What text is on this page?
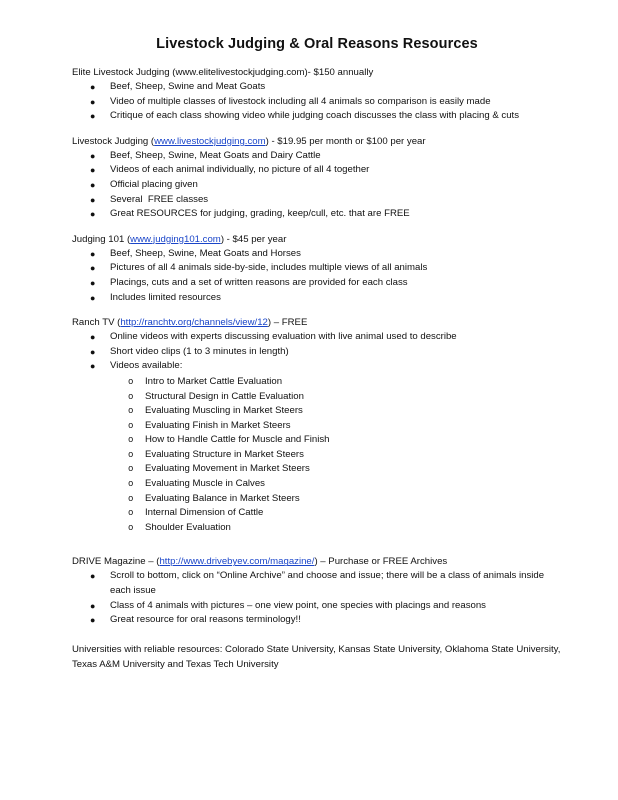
Livestock Judging & Oral Reasons Resources
Elite Livestock Judging (www.elitelivestockjudging.com)- $150 annually
● Beef, Sheep, Swine and Meat Goats
● Video of multiple classes of livestock including all 4 animals so comparison is easily made
● Critique of each class showing video while judging coach discusses the class with placing & cuts
Livestock Judging (www.livestockjudging.com) - $19.95 per month or $100 per year
● Beef, Sheep, Swine, Meat Goats and Dairy Cattle
● Videos of each animal individually, no picture of all 4 together
● Official placing given
● Several  FREE classes
● Great RESOURCES for judging, grading, keep/cull, etc. that are FREE
Judging 101 (www.judging101.com) - $45 per year
● Beef, Sheep, Swine, Meat Goats and Horses
● Pictures of all 4 animals side-by-side, includes multiple views of all animals
● Placings, cuts and a set of written reasons are provided for each class
● Includes limited resources
Ranch TV (http://ranchtv.org/channels/view/12) – FREE
● Online videos with experts discussing evaluation with live animal used to describe
● Short video clips (1 to 3 minutes in length)
● Videos available:
o Intro to Market Cattle Evaluation
o Structural Design in Cattle Evaluation
o Evaluating Muscling in Market Steers
o Evaluating Finish in Market Steers
o How to Handle Cattle for Muscle and Finish
o Evaluating Structure in Market Steers
o Evaluating Movement in Market Steers
o Evaluating Muscle in Calves
o Evaluating Balance in Market Steers
o Internal Dimension of Cattle
o Shoulder Evaluation
DRIVE Magazine – (http://www.drivebyev.com/magazine/) – Purchase or FREE Archives
● Scroll to bottom, click on “Online Archive” and choose and issue; there will be a class of animals inside each issue
● Class of 4 animals with pictures – one view point, one species with placings and reasons
● Great resource for oral reasons terminology!!
Universities with reliable resources: Colorado State University, Kansas State University, Oklahoma State University, Texas A&M University and Texas Tech University
